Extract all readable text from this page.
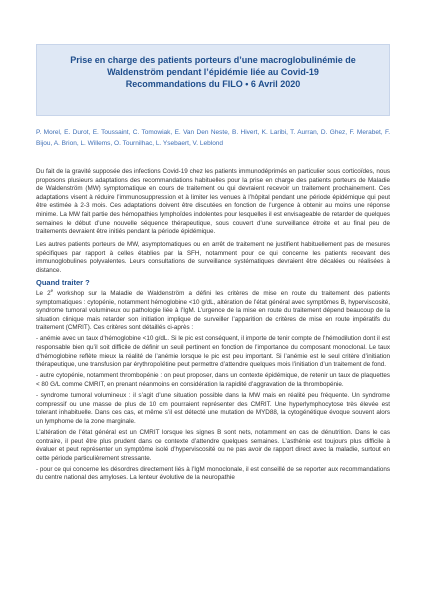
Prise en charge des patients porteurs d’une macroglobulinémie de

Waldenström pendant l’épidémie liée au Covid-19

Recommandations du FILO • 6 Avril 2020

P. Morel, E. Durot, E. Toussaint, C. Tomowiak, E. Van Den Neste, B. Hivert, K. Laribi, T. Aurran, D. Ghez, F. Merabet, F. Bijou, A. Brion, L. Willems, O. Tournilhac, L. Ysebaert, V. Leblond

Du fait de la gravité supposée des infections Covid-19 chez les patients immunodéprimés en particulier sous corticoïdes, nous proposons plusieurs adaptations des recommandations habituelles pour la prise en charge des patients porteurs de Maladie de Waldenström (MW) symptomatique en cours de traitement ou qui devraient recevoir un traitement prochainement. Ces adaptations visent à réduire l’immunosuppression et à limiter les venues à l’hôpital pendant une période épidémique qui peut être estimée à 2-3 mois. Ces adaptations doivent être discutées en fonction de l’urgence à obtenir au moins une réponse minime. La MW fait partie des hémopathies lymphoïdes indolentes pour lesquelles il est envisageable de retarder de quelques semaines le début d’une nouvelle séquence thérapeutique, sous couvert d’une surveillance étroite et au final peu de traitements devraient être initiés pendant la période épidémique.

Les autres patients porteurs de MW, asymptomatiques ou en arrêt de traitement ne justifient habituellement pas de mesures spécifiques par rapport à celles établies par la SFH, notamment pour ce qui concerne les patients recevant des immunoglobulines polyvalentes. Leurs consultations de surveillance systématiques devraient être décalées ou réalisées à distance.

Quand traiter ?

Le 2e workshop sur la Maladie de Waldenström a défini les critères de mise en route du traitement des patients symptomatiques : cytopénie, notamment hémoglobine <10 g/dL, altération de l’état général avec symptômes B, hyperviscosité, syndrome tumoral volumineux ou pathologie liée à l’IgM. L’urgence de la mise en route du traitement dépend beaucoup de la situation clinique mais retarder son initiation implique de surveiller l’apparition de critères de mise en route impératifs du traitement (CMRIT). Ces critères sont détaillés ci-après :

- anémie avec un taux d’hémoglobine <10 g/dL. Si le pic est conséquent, il importe de tenir compte de l’hémodilution dont il est responsable bien qu’il soit difficile de définir un seuil pertinent en fonction de l’importance du composant monoclonal. Le taux d’hémoglobine reflète mieux la réalité de l’anémie lorsque le pic est peu important. Si l’anémie est le seul critère d’initiation thérapeutique, une transfusion par érythropoïétine peut permettre d’attendre quelques mois l’initiation d’un traitement de fond.

- autre cytopénie, notamment thrombopénie : on peut proposer, dans un contexte épidémique, de retenir un taux de plaquettes < 80 G/L comme CMRIT, en prenant néanmoins en considération la rapidité d’aggravation de la thrombopénie.

- syndrome tumoral volumineux : il s’agit d’une situation possible dans la MW mais en réalité peu fréquente. Un syndrome compressif ou une masse de plus de 10 cm pourraient représenter des CMRIT. Une hyperlymphocytose très élevée est tolerant inhabituelle. Dans ces cas, et même s’il est détecté une mutation de MYD88, la cytogénétique évoque souvent alors un lymphome de la zone marginale.

L’altération de l’état général est un CMRIT lorsque les signes B sont nets, notamment en cas de dénutrition. Dans le cas contraire, il peut être plus prudent dans ce contexte d’attendre quelques semaines. L’asthénie est toujours plus difficile à évaluer et peut représenter un symptôme isolé d’hyperviscosité ou ne pas avoir de rapport direct avec la maladie, surtout en cette période particulièrement stressante.

- pour ce qui concerne les désordres directement liés à l’IgM monoclonale, il est conseillé de se reporter aux recommandations du centre national des amyloses. La lenteur évolutive de la neuropathie
